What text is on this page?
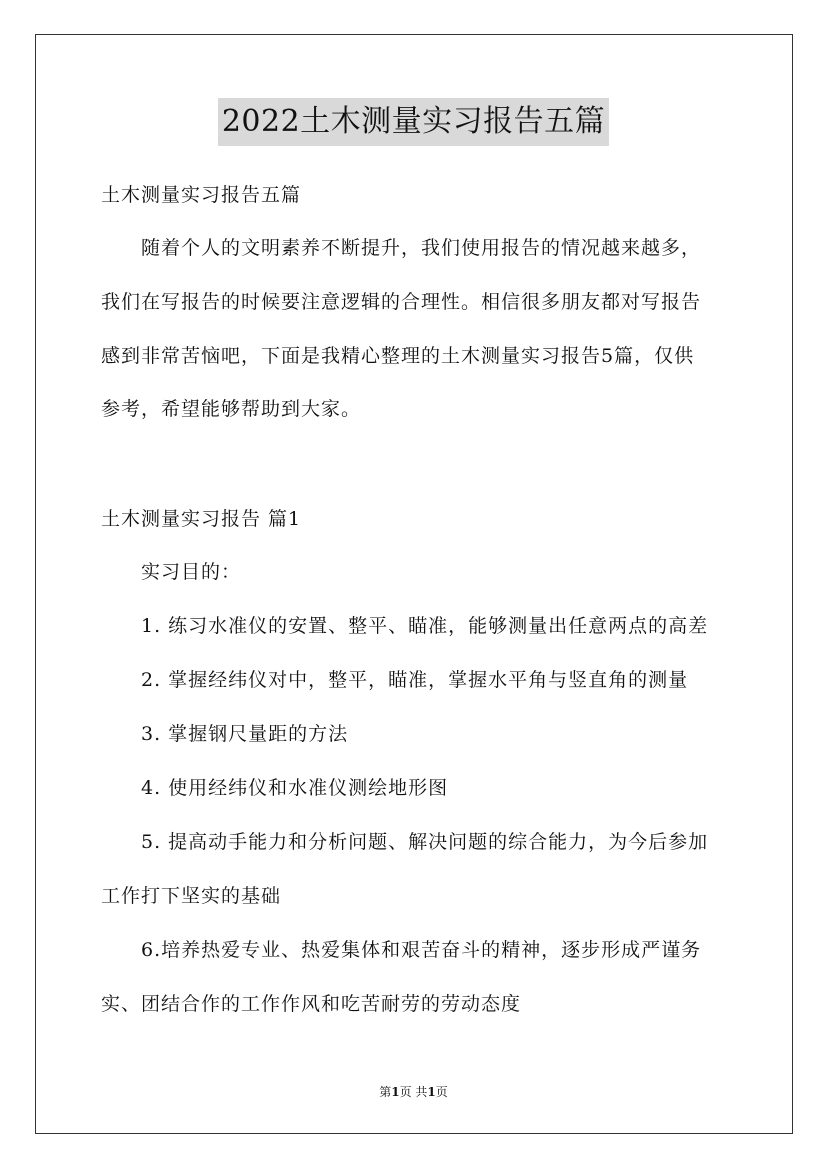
2022土木测量实习报告五篇
土木测量实习报告五篇
随着个人的文明素养不断提升，我们使用报告的情况越来越多，
我们在写报告的时候要注意逻辑的合理性。相信很多朋友都对写报告
感到非常苦恼吧，下面是我精心整理的土木测量实习报告5篇，仅供
参考，希望能够帮助到大家。
土木测量实习报告 篇1
实习目的：
1. 练习水准仪的安置、整平、瞄准，能够测量出任意两点的高差
2. 掌握经纬仪对中，整平，瞄准，掌握水平角与竖直角的测量
3. 掌握钢尺量距的方法
4. 使用经纬仪和水准仪测绘地形图
5. 提高动手能力和分析问题、解决问题的综合能力，为今后参加
工作打下坚实的基础
6.培养热爱专业、热爱集体和艰苦奋斗的精神，逐步形成严谨务
实、团结合作的工作作风和吃苦耐劳的劳动态度
第1页 共1页
